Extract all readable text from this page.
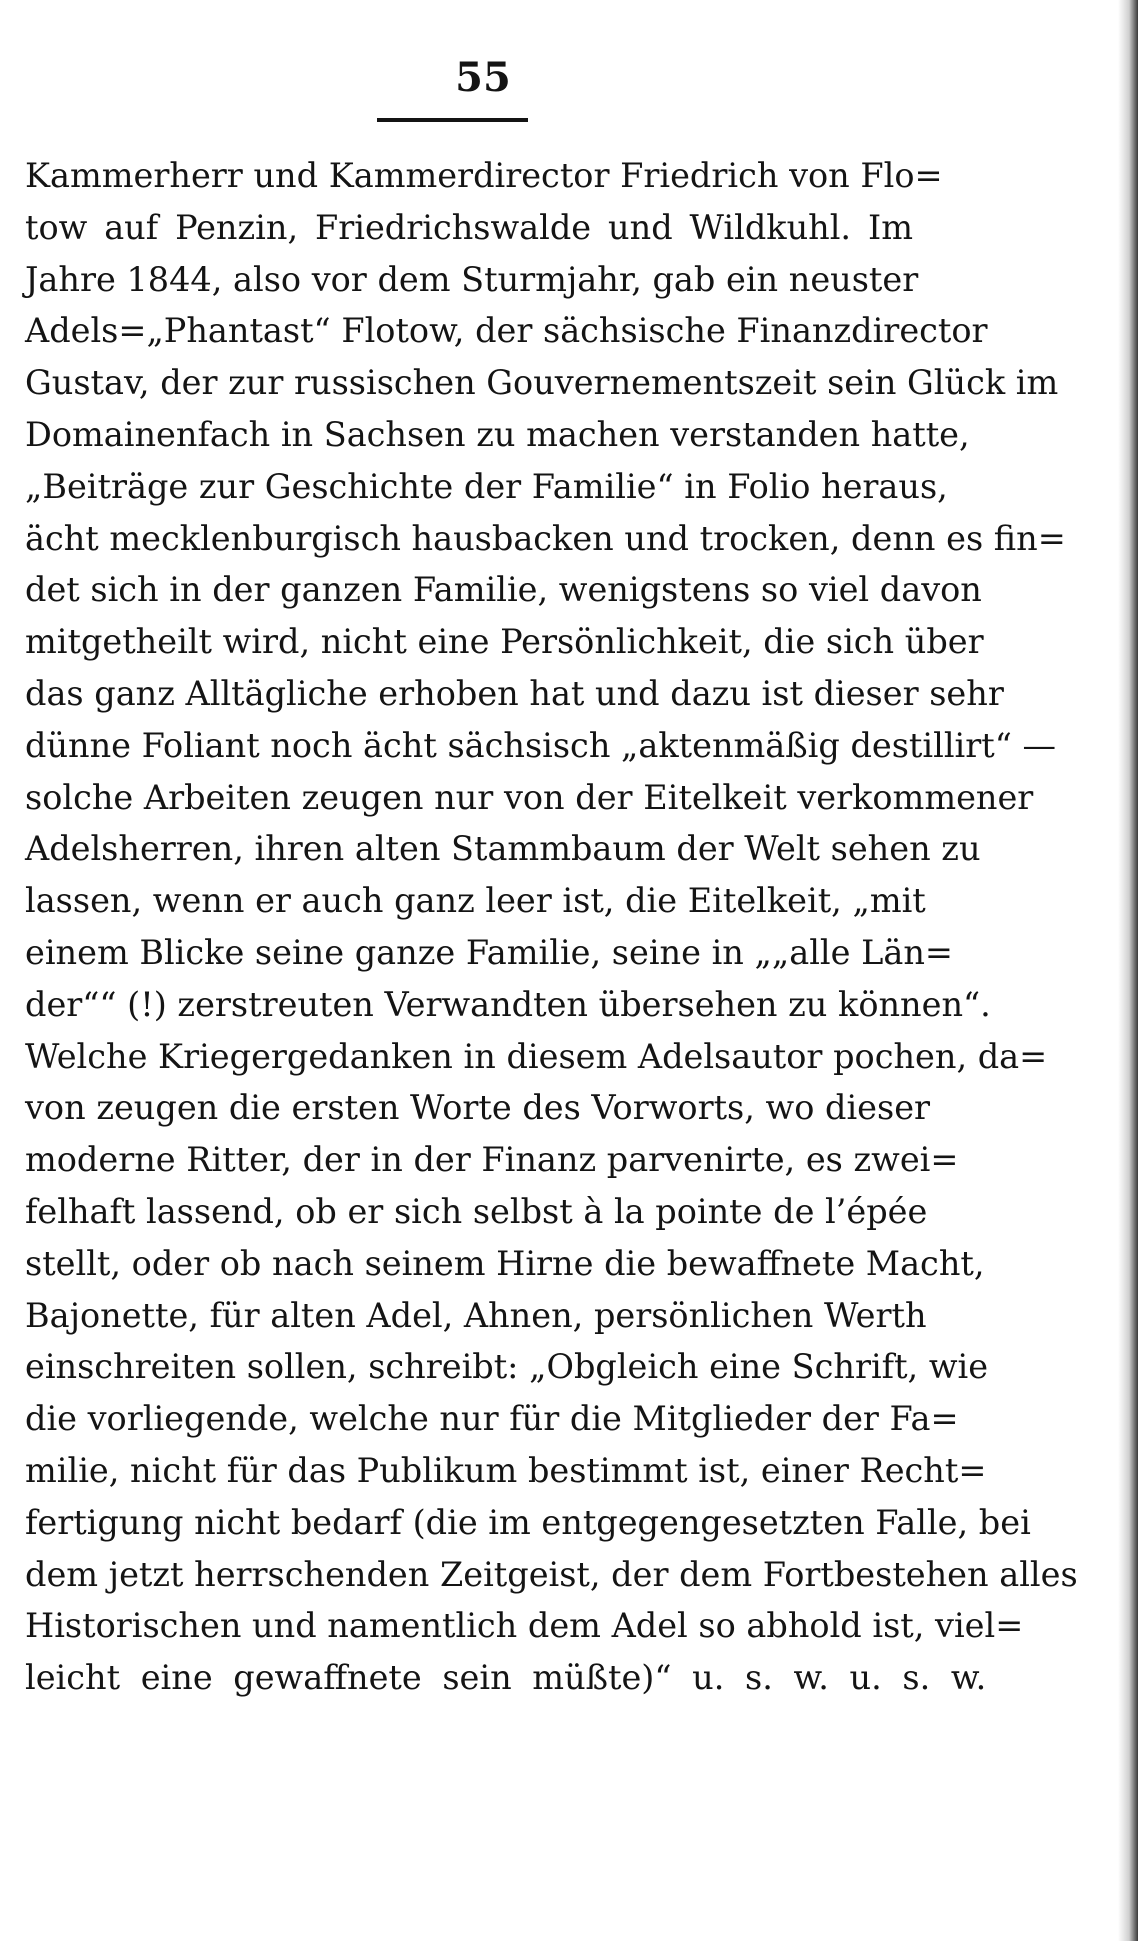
55
Kammerherr und Kammerdirector Friedrich von Flo=
tow auf Penzin, Friedrichswalde und Wildkuhl. Im
Jahre 1844, also vor dem Sturmjahr, gab ein neuster
Adels=„Phantast“ Flotow, der sächsische Finanzdirector
Gustav, der zur russischen Gouvernementszeit sein Glück im
Domainenfach in Sachsen zu machen verstanden hatte,
„Beiträge zur Geschichte der Familie“ in Folio heraus,
ächt mecklenburgisch hausbacken und trocken, denn es fin=
det sich in der ganzen Familie, wenigstens so viel davon
mitgetheilt wird, nicht eine Persönlichkeit, die sich über
das ganz Alltägliche erhoben hat und dazu ist dieser sehr
dünne Foliant noch ächt sächsisch „aktenmäßig destillirt“ —
solche Arbeiten zeugen nur von der Eitelkeit verkommener
Adelsherren, ihren alten Stammbaum der Welt sehen zu
lassen, wenn er auch ganz leer ist, die Eitelkeit, „mit
einem Blicke seine ganze Familie, seine in „„alle Län=
der““ (!) zerstreuten Verwandten übersehen zu können“.
Welche Kriegergedanken in diesem Adelsautor pochen, da=
von zeugen die ersten Worte des Vorworts, wo dieser
moderne Ritter, der in der Finanz parvenirte, es zwei=
felhaft lassend, ob er sich selbst à la pointe de l’épée
stellt, oder ob nach seinem Hirne die bewaffnete Macht,
Bajonette, für alten Adel, Ahnen, persönlichen Werth
einschreiten sollen, schreibt: „Obgleich eine Schrift, wie
die vorliegende, welche nur für die Mitglieder der Fa=
milie, nicht für das Publikum bestimmt ist, einer Recht=
fertigung nicht bedarf (die im entgegengesetzten Falle, bei
dem jetzt herrschenden Zeitgeist, der dem Fortbestehen alles
Historischen und namentlich dem Adel so abhold ist, viel=
leicht eine gewaffnete sein müßte)“ u. s. w. u. s. w.
